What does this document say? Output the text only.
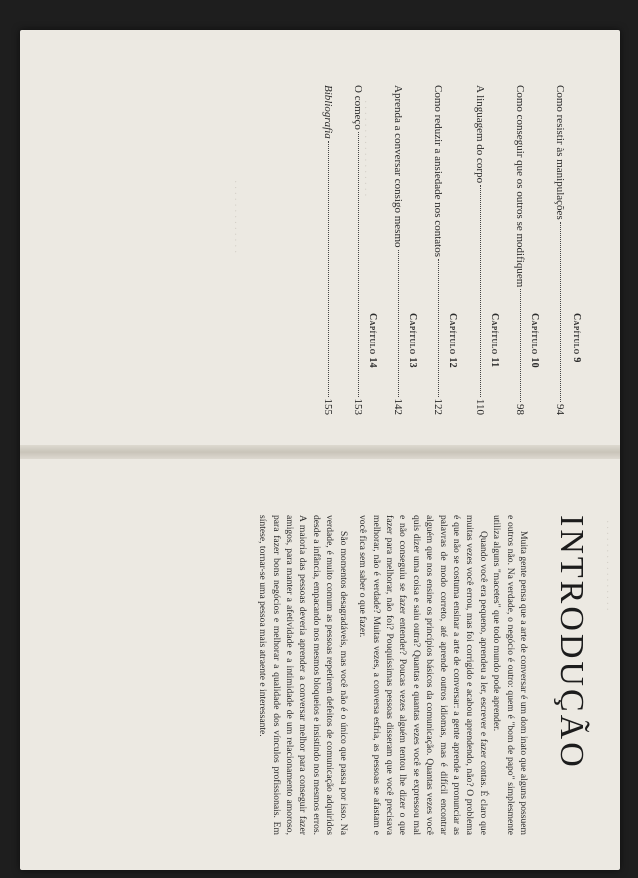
· · · · · · · · · · · · · · · · ·
· · · · · · · · · · · · ·
Capítulo 9
Como resistir às manipulações
94
Capítulo 10
Como conseguir que os outros se modifiquem
98
Capítulo 11
A linguagem do corpo
110
Capítulo 12
Como reduzir a ansiedade nos contatos
122
Capítulo 13
Aprenda a conversar consigo mesmo
142
Capítulo 14
O começo
153
Bibliografia
155
· · · · · · · · · · · · · · · ·
INTRODUÇÃO

Muita gente pensa que a arte de conversar é um dom inato que alguns possuem e outros não. Na verdade, o negócio é outro: quem é "bom de papo" simplesmente utiliza alguns "macetes" que todo mundo pode aprender.

Quando você era pequeno, aprendeu a ler, escrever e fazer contas. É claro que muitas vezes você errou, mas foi corrigido e acabou aprendendo, não? O problema é que não se costuma ensinar a arte de conversar: a gente aprende a pronunciar as palavras de modo correto, até aprende outros idiomas, mas é difícil encontrar alguém que nos ensine os princípios básicos da comunicação. Quantas vezes você quis dizer uma coisa e saiu outra? Quantas e quantas vezes você se expressou mal e não conseguiu se fazer entender? Poucas vezes alguém tentou lhe dizer o que fazer para melhorar, não foi? Pouquíssimas pessoas disseram que você precisava melhorar, não é verdade? Muitas vezes, a conversa esfria, as pessoas se afastam e você fica sem saber o que fazer.

São momentos desagradáveis, mas você não é o único que passa por isso. Na verdade, é muito comum as pessoas repetirem defeitos de comunicação adquiridos desde a infância, empacando nos mesmos bloqueios e insistindo nos mesmos erros. A maioria das pessoas deveria aprender a conversar melhor para conseguir fazer amigos, para manter a afetividade e a intimidade de um relacionamento amoroso, para fazer bons negócios e melhorar a qualidade dos vínculos profissionais. Em síntese, tornar-se uma pessoa mais atraente e interessante.
